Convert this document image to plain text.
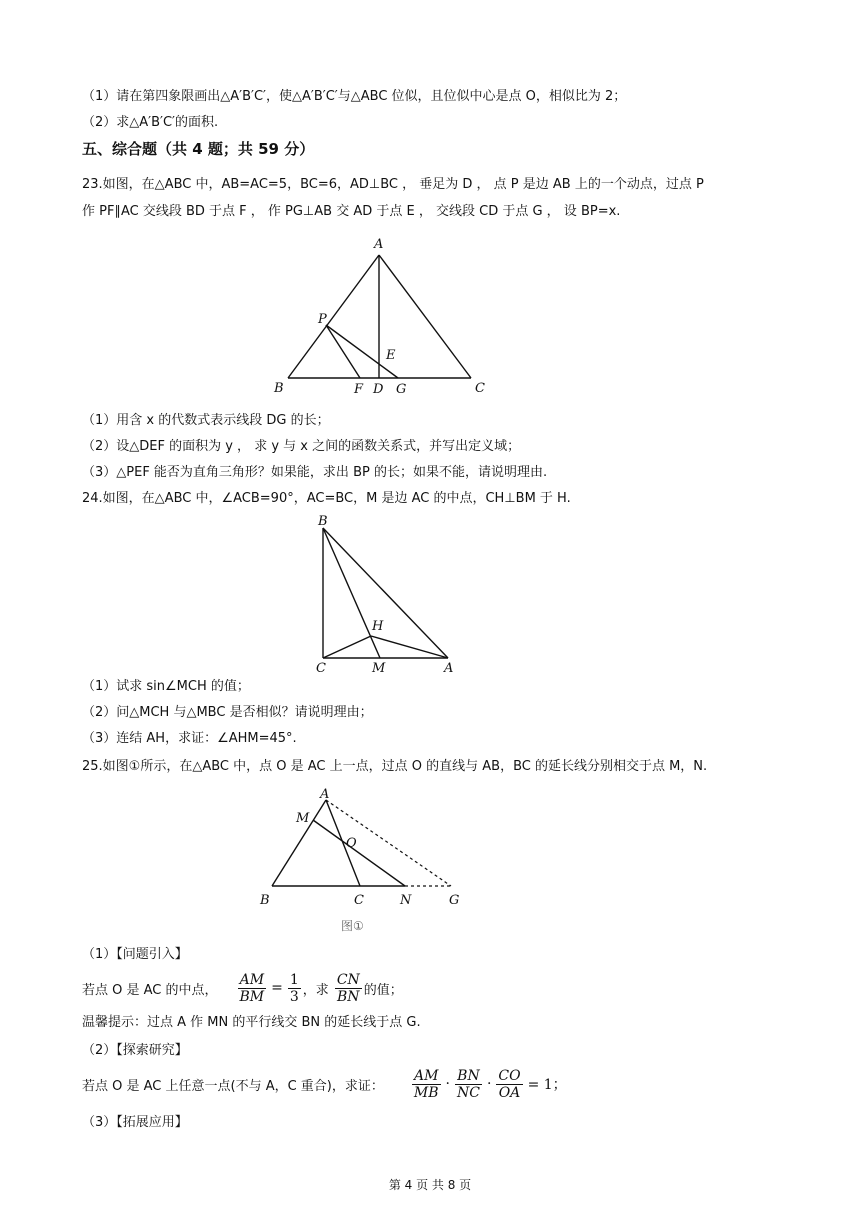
（1）请在第四象限画出△A′B′C′，使△A′B′C′与△ABC 位似，且位似中心是点 O，相似比为 2；
（2）求△A′B′C′的面积.
五、综合题（共 4 题；共 59 分）
23.如图，在△ABC 中，AB=AC=5，BC=6，AD⊥BC ， 垂足为 D ， 点 P 是边 AB 上的一个动点，过点 P
作 PF∥AC 交线段 BD 于点 F ， 作 PG⊥AB 交 AD 于点 E ， 交线段 CD 于点 G ， 设 BP=x.
A
B	C
D
E
F	G
P
（1）用含 x 的代数式表示线段 DG 的长；
（2）设△DEF 的面积为 y ， 求 y 与 x 之间的函数关系式，并写出定义域；
（3）△PEF 能否为直角三角形？如果能，求出 BP 的长；如果不能，请说明理由.
24.如图，在△ABC 中，∠ACB=90°，AC=BC，M 是边 AC 的中点，CH⊥BM 于 H.
B
C	A
H
M
（1）试求 sin∠MCH 的值；
（2）问△MCH 与△MBC 是否相似？请说明理由；
（3）连结 AH，求证：∠AHM=45°.
25.如图①所示，在△ABC 中，点 O 是 AC 上一点，过点 O 的直线与 AB，BC 的延长线分别相交于点 M，N.
A
M
O
B	C	N	G
图①
（1）【问题引入】
若点 O 是 AC 的中点， $\frac{AM}{BM} = \frac{1}{3}$ ，求 $\frac{CN}{BN}$ 的值；
温馨提示：过点 A 作 MN 的平行线交 BN 的延长线于点 G.
（2）【探索研究】
若点 O 是 AC 上任意一点(不与 A，C 重合)，求证： $\frac{AM}{MB} \cdot \frac{BN}{NC} \cdot \frac{CO}{OA} = 1$；
（3）【拓展应用】
第 4 页 共 8 页
